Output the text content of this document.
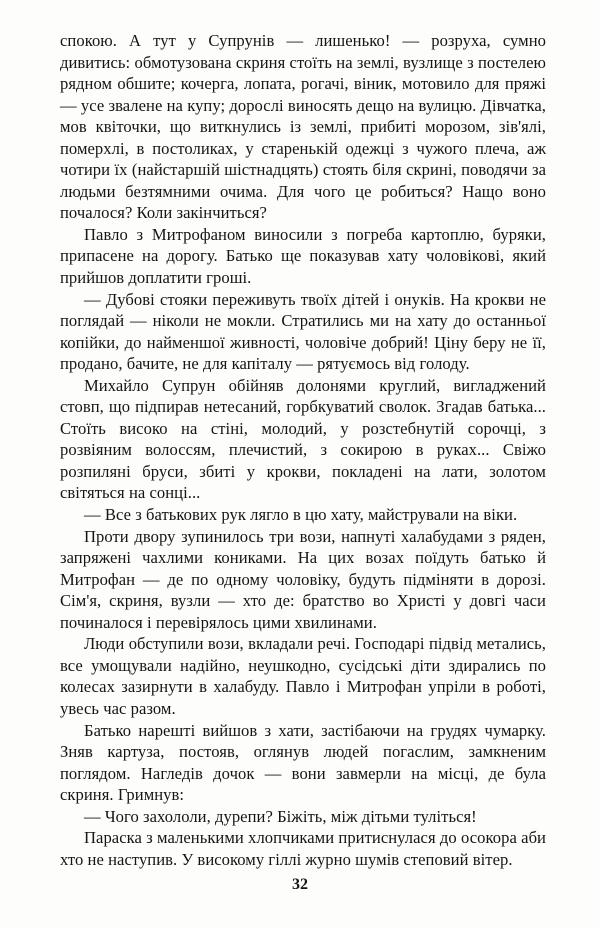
спокою. А тут у Супрунів — лишенько! — розруха, сумно дивитись: обмотузована скриня стоїть на землі, вузлище з постелею рядном обшите; кочерга, лопата, рогачі, віник, мотовило для пряжі — усе звалене на купу; дорослі виносять дещо на вулицю. Дівчатка, мов квіточки, що виткнулись із землі, прибиті морозом, зів'ялі, померхлі, в постоликах, у старенькій одежці з чужого плеча, аж чотири їх (найстаршій шістнадцять) стоять біля скрині, поводячи за людьми безтямними очима. Для чого це робиться? Нащо воно почалося? Коли закінчиться?

Павло з Митрофаном виносили з погреба картоплю, буряки, припасене на дорогу. Батько ще показував хату чоловікові, який прийшов доплатити гроші.

— Дубові стояки переживуть твоїх дітей і онуків. На крокви не поглядай — ніколи не мокли. Стратились ми на хату до останньої копійки, до найменшої живності, чоловіче добрий! Ціну беру не її, продано, бачите, не для капіталу — рятуємось від голоду.

Михайло Супрун обійняв долонями круглий, вигладжений стовп, що підпирав нетесаний, горбкуватий сволок. Згадав батька... Стоїть високо на стіні, молодий, у розстебнутій сорочці, з розвіяним волоссям, плечистий, з сокирою в руках... Свіжо розпиляні бруси, збиті у крокви, покладені на лати, золотом світяться на сонці...

— Все з батькових рук лягло в цю хату, майстрували на віки.

Проти двору зупинилось три вози, напнуті халабудами з ряден, запряжені чахлими кониками. На цих возах поїдуть батько й Митрофан — де по одному чоловіку, будуть підміняти в дорозі. Сім'я, скриня, вузли — хто де: братство во Христі у довгі часи починалося і перевірялось цими хвилинами.

Люди обступили вози, вкладали речі. Господарі підвід метались, все умощували надійно, неушкодно, сусідські діти здирались по колесах зазирнути в халабуду. Павло і Митрофан упріли в роботі, увесь час разом.

Батько нарешті вийшов з хати, застібаючи на грудях чумарку. Зняв картуза, постояв, оглянув людей погаслим, замкненим поглядом. Нагледів дочок — вони завмерли на місці, де була скриня. Гримнув:

— Чого захололи, дурепи? Біжіть, між дітьми туліться!

Параска з маленькими хлопчиками притиснулася до осокора аби хто не наступив. У високому гіллі журно шумів степовий вітер.

32
